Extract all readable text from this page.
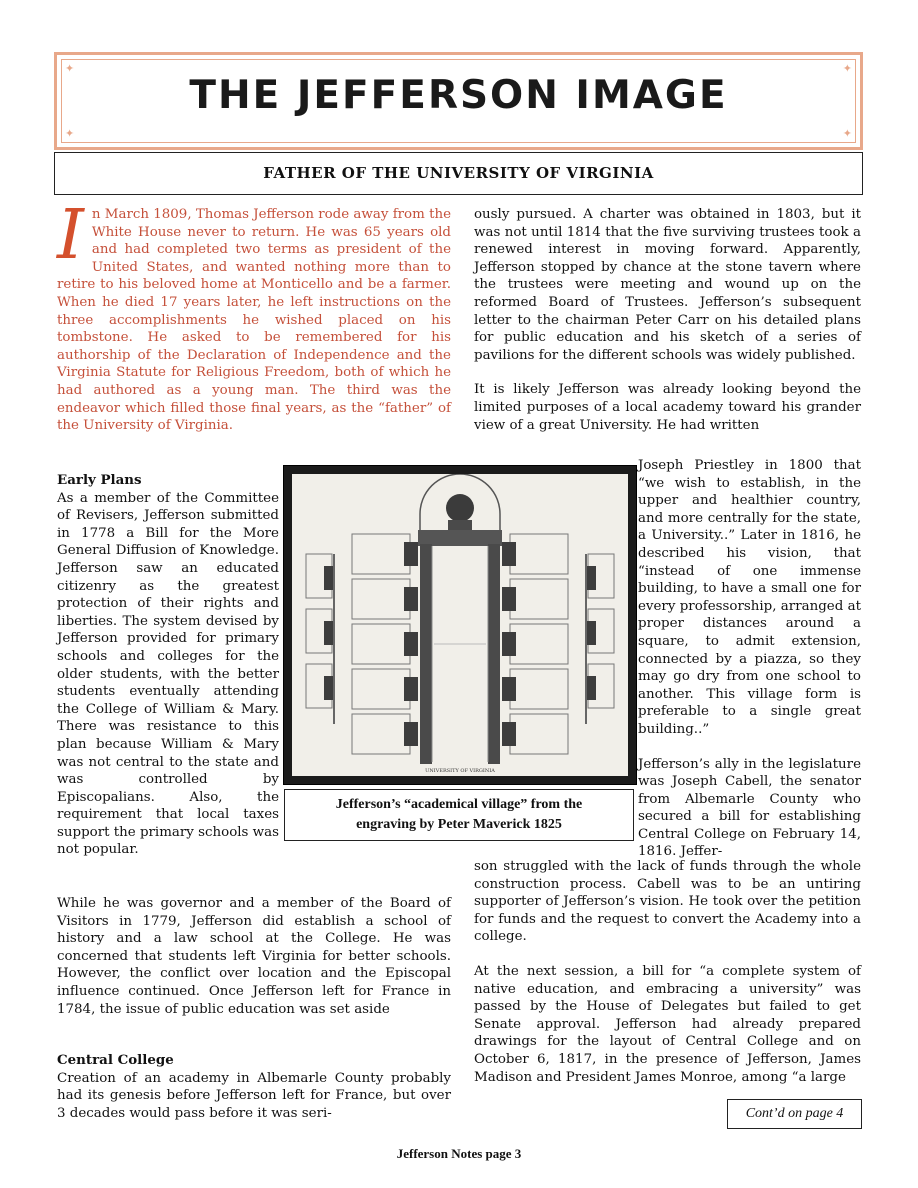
✦	✦
✦	✦
THE JEFFERSON IMAGE
FATHER OF THE UNIVERSITY OF VIRGINIA
I n March 1809, Thomas Jefferson rode away from the White House never to return. He was 65 years old and had completed two terms as president of the United States, and wanted nothing more than to retire to his beloved home at Monticello and be a farmer. When he died 17 years later, he left instructions on the three accomplishments he wished placed on his tombstone. He asked to be remembered for his authorship of the Declaration of Independence and the Virginia Statute for Religious Freedom, both of which he had authored as a young man. The third was the endeavor which filled those final years, as the “father” of the University of Virginia.

Early Plans

As a member of the Committee of Revisers, Jefferson submitted in 1778 a Bill for the More General Diffusion of Knowledge. Jefferson saw an educated citizenry as the greatest protection of their rights and liberties. The system devised by Jefferson provided for primary schools and colleges for the older students, with the better students eventually attending the College of William & Mary. There was resistance to this plan because William & Mary was not central to the state and was controlled by Episcopalians. Also, the requirement that local taxes support the primary schools was not popular.

While he was governor and a member of the Board of Visitors in 1779, Jefferson did establish a school of history and a law school at the College. He was concerned that students left Virginia for better schools. However, the conflict over location and the Episcopal influence continued. Once Jefferson left for France in 1784, the issue of public education was set aside

Central College

Creation of an academy in Albemarle County probably had its genesis before Jefferson left for France, but over 3 decades would pass before it was seri-

ously pursued. A charter was obtained in 1803, but it was not until 1814 that the five surviving trustees took a renewed interest in moving forward. Apparently, Jefferson stopped by chance at the stone tavern where the trustees were meeting and wound up on the reformed Board of Trustees. Jefferson’s subsequent letter to the chairman Peter Carr on his detailed plans for public education and his sketch of a series of pavilions for the different schools was widely published.

It is likely Jefferson was already looking beyond the limited purposes of a local academy toward his grander view of a great University. He had written

Joseph Priestley in 1800 that “we wish to establish, in the upper and healthier country, and more centrally for the state, a University..” Later in 1816, he described his vision, that “instead of one immense building, to have a small one for every professorship, arranged at proper distances around a square, to admit extension, connected by a piazza, so they may go dry from one school to another. This village form is preferable to a single great building..”

Jefferson’s ally in the legislature was Joseph Cabell, the senator from Albemarle County who secured a bill for establishing Central College on February 14, 1816. Jeffer-

son struggled with the lack of funds through the whole construction process. Cabell was to be an untiring supporter of Jefferson’s vision. He took over the petition for funds and the request to convert the Academy into a college.

At the next session, a bill for “a complete system of native education, and embracing a university” was passed by the House of Delegates but failed to get Senate approval. Jefferson had already prepared drawings for the layout of Central College and on October 6, 1817, in the presence of Jefferson, James Madison and President James Monroe, among “a large

UNIVERSITY OF VIRGINIA
Jefferson’s “academical village” from the
engraving by Peter Maverick 1825
Cont’d on page 4
Jefferson Notes page 3
